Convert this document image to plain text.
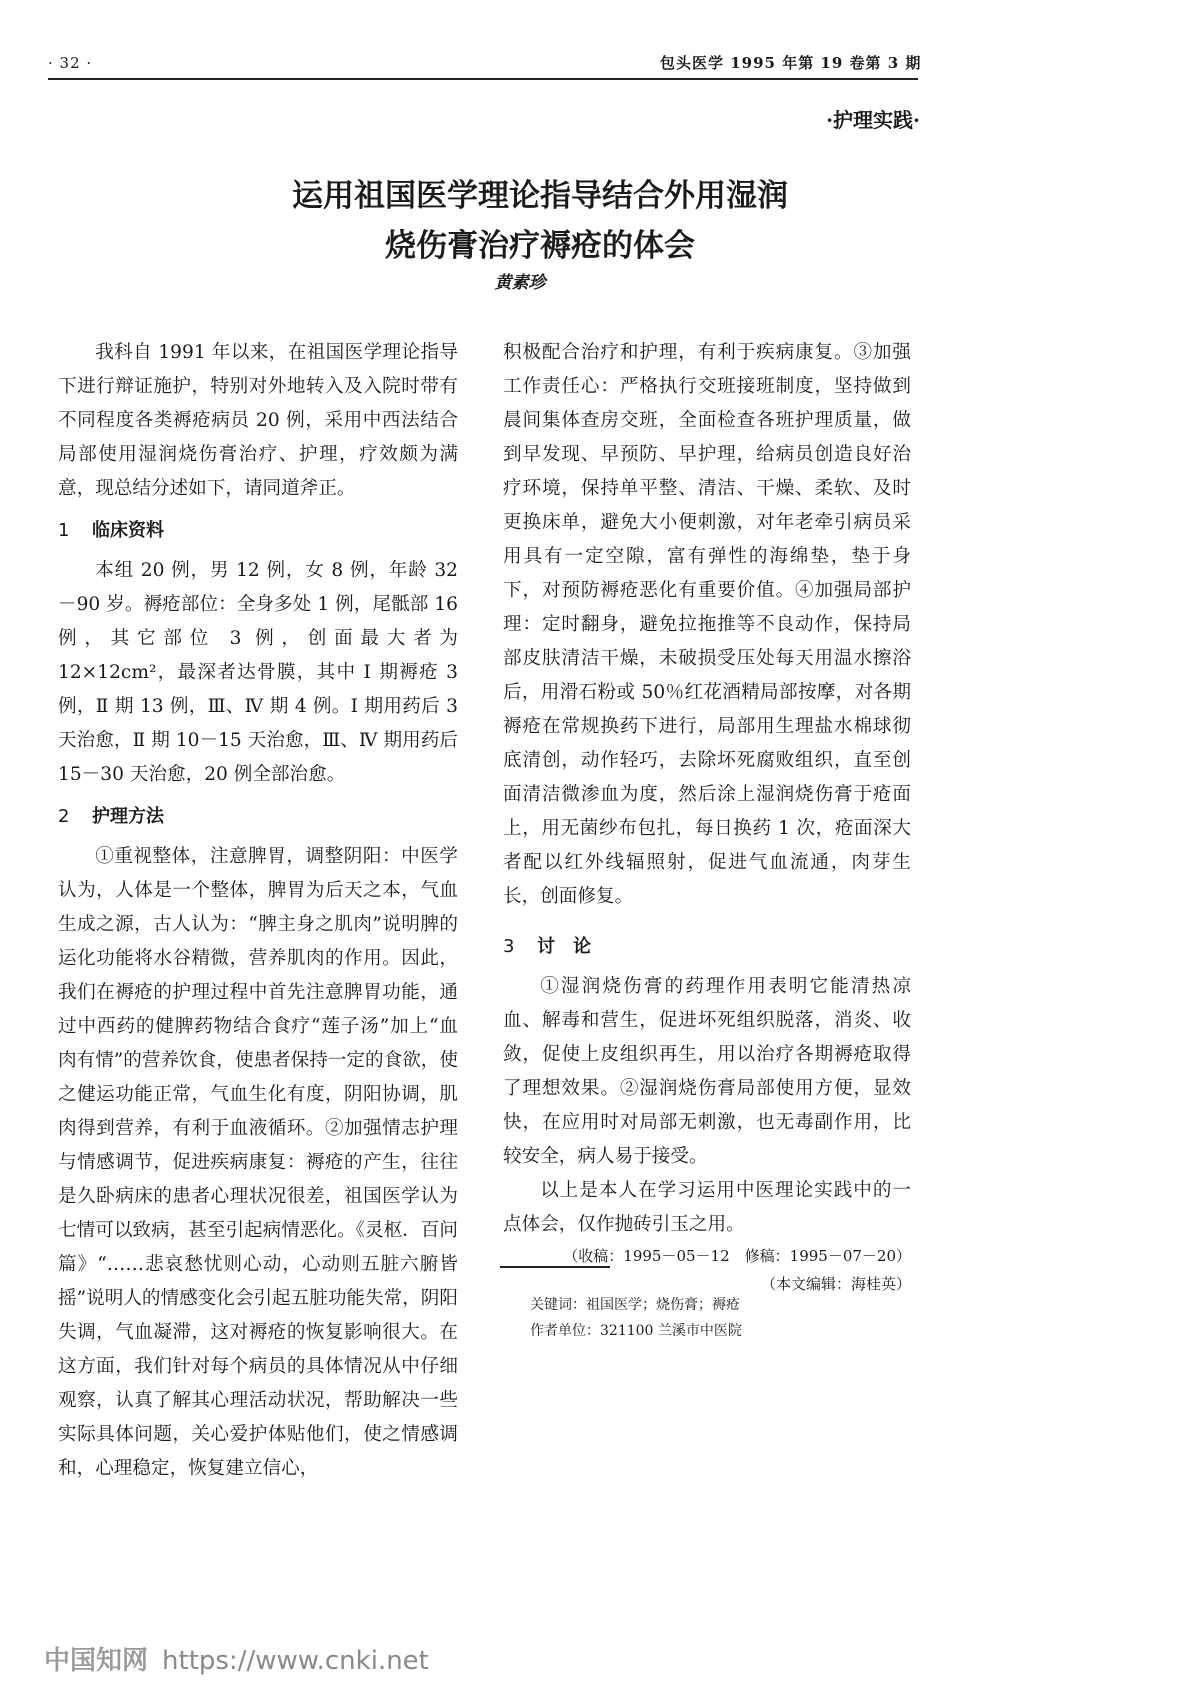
· 32 ·	包头医学 1995 年第 19 卷第 3 期
·护理实践·
运用祖国医学理论指导结合外用湿润
烧伤膏治疗褥疮的体会
黄素珍

我科自 1991 年以来，在祖国医学理论指导下进行辩证施护，特别对外地转入及入院时带有不同程度各类褥疮病员 20 例，采用中西法结合局部使用湿润烧伤膏治疗、护理，疗效颇为满意，现总结分述如下，请同道斧正。

1 临床资料

本组 20 例，男 12 例，女 8 例，年龄 32－90 岁。褥疮部位：全身多处 1 例，尾骶部 16 例，其它部位 3 例，创面最大者为 12×12cm²，最深者达骨膜，其中 Ⅰ 期褥疮 3 例，Ⅱ 期 13 例，Ⅲ、Ⅳ 期 4 例。Ⅰ 期用药后 3 天治愈，Ⅱ 期 10－15 天治愈，Ⅲ、Ⅳ 期用药后 15－30 天治愈，20 例全部治愈。

2 护理方法

①重视整体，注意脾胃，调整阴阳：中医学认为，人体是一个整体，脾胃为后天之本，气血生成之源，古人认为：“脾主身之肌肉”说明脾的运化功能将水谷精微，营养肌肉的作用。因此，我们在褥疮的护理过程中首先注意脾胃功能，通过中西药的健脾药物结合食疗“莲子汤”加上“血肉有情”的营养饮食，使患者保持一定的食欲，使之健运功能正常，气血生化有度，阴阳协调，肌肉得到营养，有利于血液循环。②加强情志护理与情感调节，促进疾病康复：褥疮的产生，往往是久卧病床的患者心理状况很差，祖国医学认为七情可以致病，甚至引起病情恶化。《灵枢．百问篇》“……悲哀愁忧则心动，心动则五脏六腑皆摇”说明人的情感变化会引起五脏功能失常，阴阳失调，气血凝滞，这对褥疮的恢复影响很大。在这方面，我们针对每个病员的具体情况从中仔细观察，认真了解其心理活动状况，帮助解决一些实际具体问题，关心爱护体贴他们，使之情感调和，心理稳定，恢复建立信心，

积极配合治疗和护理，有利于疾病康复。③加强工作责任心：严格执行交班接班制度，坚持做到晨间集体查房交班，全面检查各班护理质量，做到早发现、早预防、早护理，给病员创造良好治疗环境，保持单平整、清洁、干燥、柔软、及时更换床单，避免大小便刺激，对年老牵引病员采用具有一定空隙，富有弹性的海绵垫，垫于身下，对预防褥疮恶化有重要价值。④加强局部护理：定时翻身，避免拉拖推等不良动作，保持局部皮肤清洁干燥，未破损受压处每天用温水擦浴后，用滑石粉或 50％红花酒精局部按摩，对各期褥疮在常规换药下进行，局部用生理盐水棉球彻底清创，动作轻巧，去除坏死腐败组织，直至创面清洁微渗血为度，然后涂上湿润烧伤膏于疮面上，用无菌纱布包扎，每日换药 1 次，疮面深大者配以红外线辐照射，促进气血流通，肉芽生长，创面修复。

3 讨　论

①湿润烧伤膏的药理作用表明它能清热凉血、解毒和营生，促进坏死组织脱落，消炎、收敛，促使上皮组织再生，用以治疗各期褥疮取得了理想效果。②湿润烧伤膏局部使用方便，显效快，在应用时对局部无刺激，也无毒副作用，比较安全，病人易于接受。

以上是本人在学习运用中医理论实践中的一点体会，仅作抛砖引玉之用。

（收稿：1995－05－12　修稿：1995－07－20）
（本文编辑：海桂英）
关键词：祖国医学；烧伤膏；褥疮
作者单位：321100 兰溪市中医院
中国知网 https://www.cnki.net
